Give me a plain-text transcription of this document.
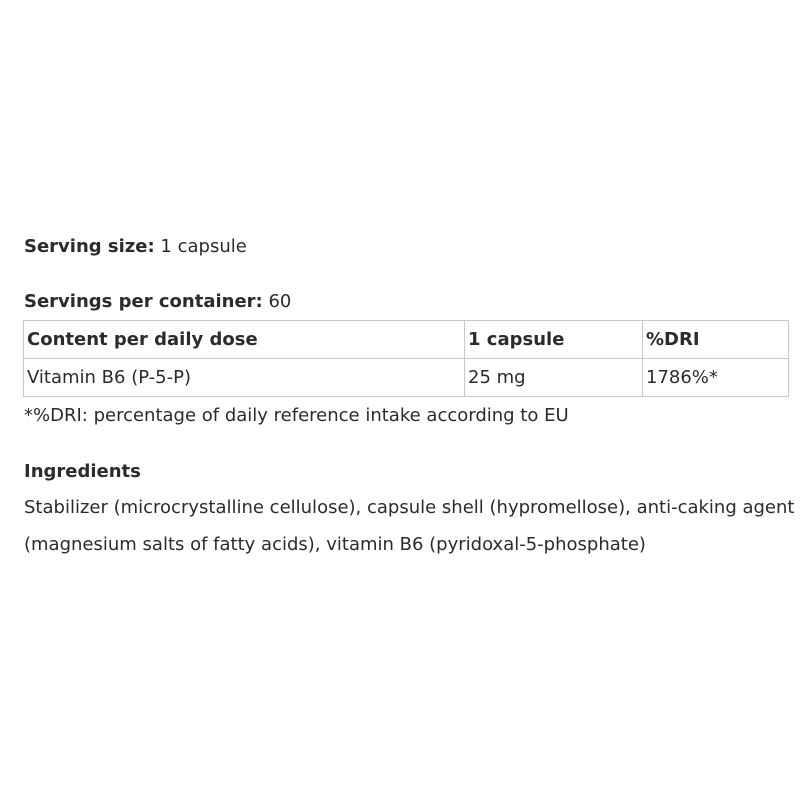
Serving size: 1 capsule
Servings per container: 60
Content per daily dose	1 capsule	%DRI
Vitamin B6 (P-5-P)	25 mg	1786%*
*%DRI: percentage of daily reference intake according to EU
Ingredients
Stabilizer (microcrystalline cellulose), capsule shell (hypromellose), anti-caking agent
(magnesium salts of fatty acids), vitamin B6 (pyridoxal-5-phosphate)
